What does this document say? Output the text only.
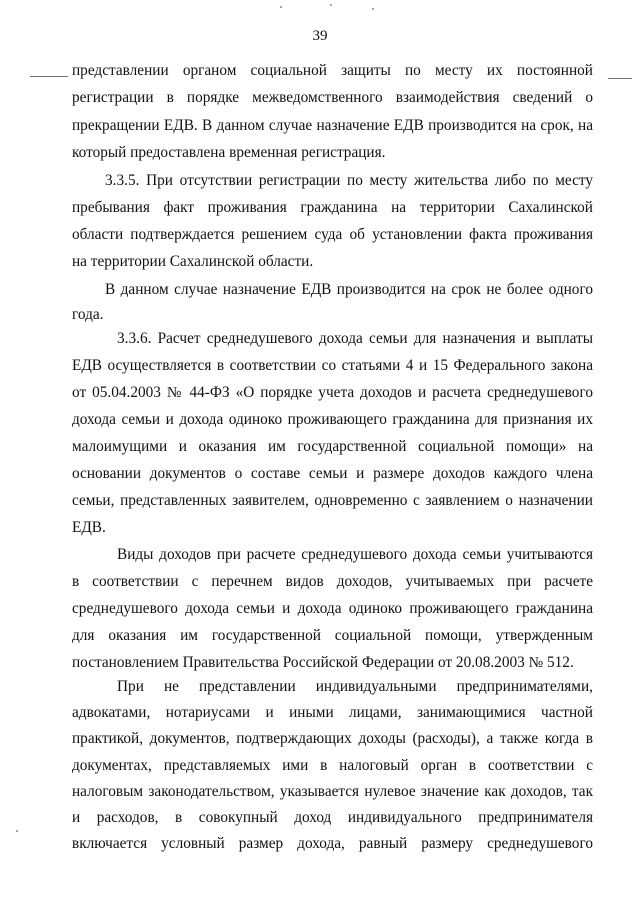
39
представлении органом социальной защиты по месту их постоянной
регистрации в порядке межведомственного взаимодействия сведений о
прекращении ЕДВ. В данном случае назначение ЕДВ производится на срок, на
который предоставлена временная регистрация.
3.3.5. При отсутствии регистрации по месту жительства либо по месту
пребывания факт проживания гражданина на территории Сахалинской
области подтверждается решением суда об установлении факта проживания
на территории Сахалинской области.
В данном случае назначение ЕДВ производится на срок не более одного
года.
3.3.6. Расчет среднедушевого дохода семьи для назначения и выплаты
ЕДВ осуществляется в соответствии со статьями 4 и 15 Федерального закона
от 05.04.2003 № 44-ФЗ «О порядке учета доходов и расчета среднедушевого
дохода семьи и дохода одиноко проживающего гражданина для признания их
малоимущими и оказания им государственной социальной помощи» на
основании документов о составе семьи и размере доходов каждого члена
семьи, представленных заявителем, одновременно с заявлением о назначении
ЕДВ.
Виды доходов при расчете среднедушевого дохода семьи учитываются
в соответствии с перечнем видов доходов, учитываемых при расчете
среднедушевого дохода семьи и дохода одиноко проживающего гражданина
для оказания им государственной социальной помощи, утвержденным
постановлением Правительства Российской Федерации от 20.08.2003 № 512.
При не представлении индивидуальными предпринимателями,
адвокатами, нотариусами и иными лицами, занимающимися частной
практикой, документов, подтверждающих доходы (расходы), а также когда в
документах, представляемых ими в налоговый орган в соответствии с
налоговым законодательством, указывается нулевое значение как доходов, так
и расходов, в совокупный доход индивидуального предпринимателя
включается условный размер дохода, равный размеру среднедушевого
